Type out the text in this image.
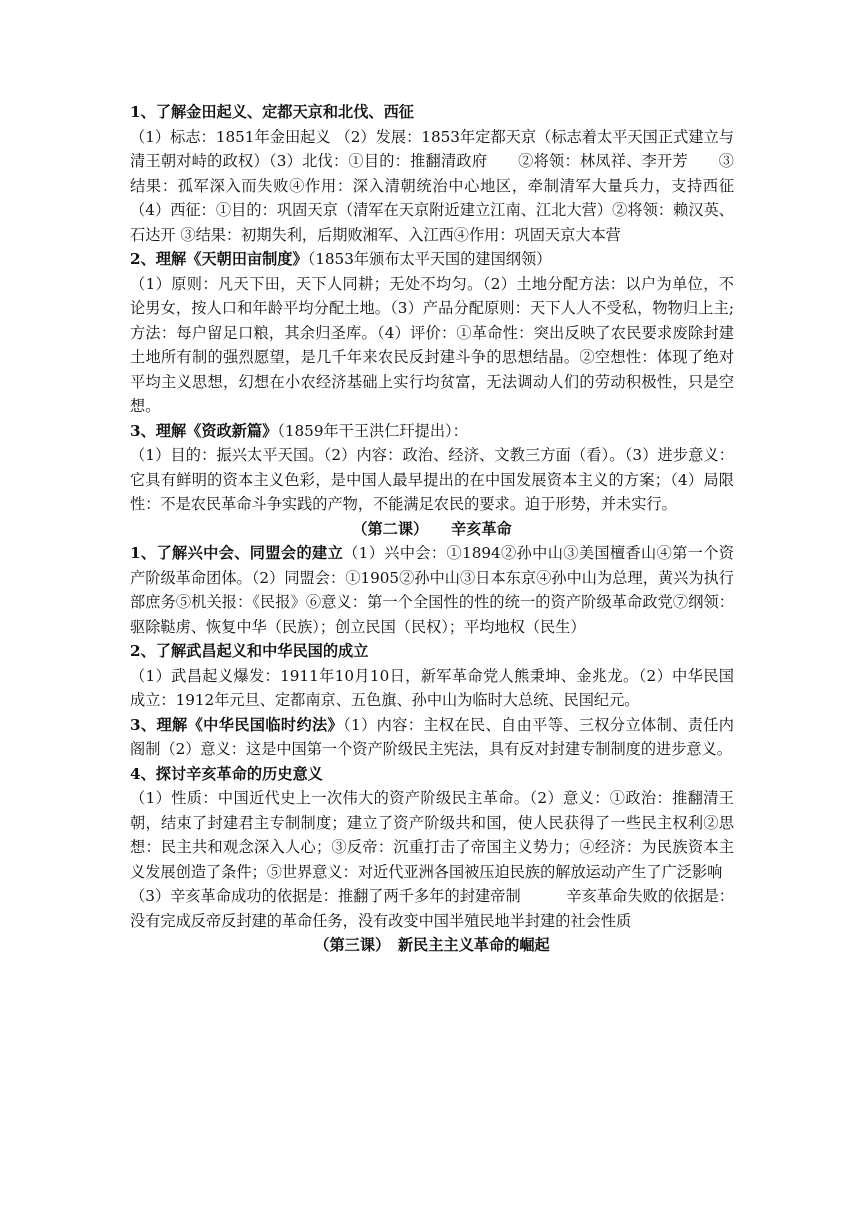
1、了解金田起义、定都天京和北伐、西征

（1）标志：1851年金田起义 （2）发展：1853年定都天京（标志着太平天国正式建立与清王朝对峙的政权）（3）北伐：①目的：推翻清政府　　②将领：林凤祥、李开芳　　③结果：孤军深入而失败④作用：深入清朝统治中心地区，牵制清军大量兵力，支持西征（4）西征：①目的：巩固天京（清军在天京附近建立江南、江北大营）②将领：赖汉英、石达开 ③结果：初期失利，后期败湘军、入江西④作用：巩固天京大本营

2、理解《天朝田亩制度》（1853年颁布太平天国的建国纲领）

（1）原则：凡天下田，天下人同耕；无处不均匀。（2）土地分配方法：以户为单位，不论男女，按人口和年龄平均分配土地。（3）产品分配原则：天下人人不受私，物物归上主;方法：每户留足口粮，其余归圣库。（4）评价：①革命性：突出反映了农民要求废除封建土地所有制的强烈愿望，是几千年来农民反封建斗争的思想结晶。②空想性：体现了绝对平均主义思想，幻想在小农经济基础上实行均贫富，无法调动人们的劳动积极性，只是空想。

3、理解《资政新篇》（1859年干王洪仁玕提出）：

（1）目的：振兴太平天国。（2）内容：政治、经济、文教三方面（看）。（3）进步意义：它具有鲜明的资本主义色彩，是中国人最早提出的在中国发展资本主义的方案；（4）局限性：不是农民革命斗争实践的产物，不能满足农民的要求。迫于形势，并未实行。

（第二课）　　辛亥革命

1、了解兴中会、同盟会的建立（1）兴中会：①1894②孙中山③美国檀香山④第一个资产阶级革命团体。（2）同盟会：①1905②孙中山③日本东京④孙中山为总理，黄兴为执行部庶务⑤机关报：《民报》⑥意义：第一个全国性的性的统一的资产阶级革命政党⑦纲领：驱除鞑虏、恢复中华（民族）；创立民国（民权）；平均地权（民生）

2、了解武昌起义和中华民国的成立

（1）武昌起义爆发：1911年10月10日，新军革命党人熊秉坤、金兆龙。（2）中华民国成立：1912年元旦、定都南京、五色旗、孙中山为临时大总统、民国纪元。

3、理解《中华民国临时约法》（1）内容：主权在民、自由平等、三权分立体制、责任内阁制（2）意义：这是中国第一个资产阶级民主宪法，具有反对封建专制制度的进步意义。

4、探讨辛亥革命的历史意义

（1）性质：中国近代史上一次伟大的资产阶级民主革命。（2）意义：①政治：推翻清王朝，结束了封建君主专制制度；建立了资产阶级共和国，使人民获得了一些民主权利②思想：民主共和观念深入人心；③反帝：沉重打击了帝国主义势力；④经济：为民族资本主义发展创造了条件；⑤世界意义：对近代亚洲各国被压迫民族的解放运动产生了广泛影响

（3）辛亥革命成功的依据是：推翻了两千多年的封建帝制　　　辛亥革命失败的依据是：没有完成反帝反封建的革命任务，没有改变中国半殖民地半封建的社会性质

（第三课）　新民主主义革命的崛起
